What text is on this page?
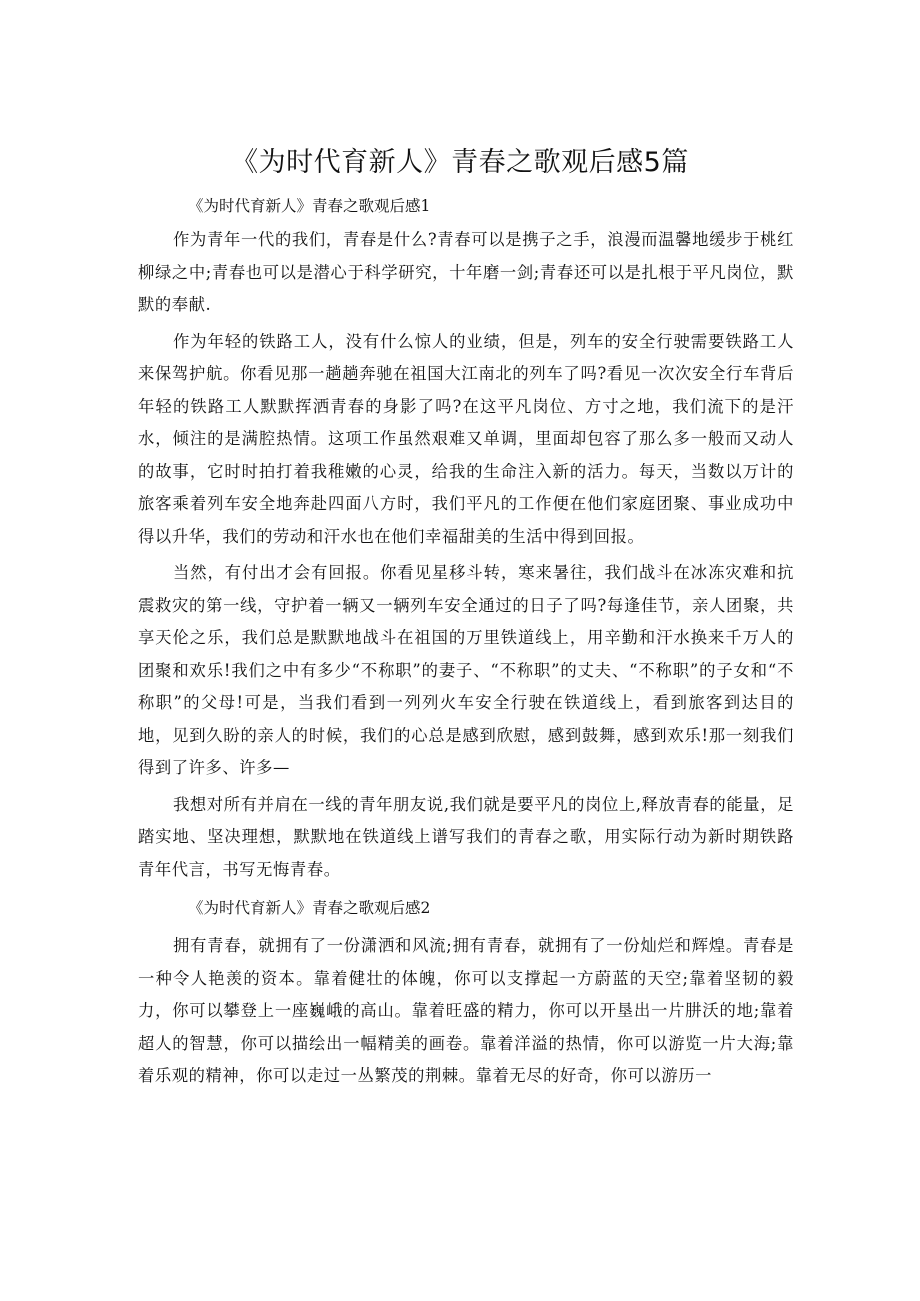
《为时代育新人》青春之歌观后感5篇
《为时代育新人》青春之歌观后感1

作为青年一代的我们，青春是什么?青春可以是携子之手，浪漫而温馨地缓步于桃红柳绿之中;青春也可以是潜心于科学研究，十年磨一剑;青春还可以是扎根于平凡岗位，默默的奉献.

作为年轻的铁路工人，没有什么惊人的业绩，但是，列车的安全行驶需要铁路工人来保驾护航。你看见那一趟趟奔驰在祖国大江南北的列车了吗?看见一次次安全行车背后年轻的铁路工人默默挥洒青春的身影了吗?在这平凡岗位、方寸之地，我们流下的是汗水，倾注的是满腔热情。这项工作虽然艰难又单调，里面却包容了那么多一般而又动人的故事，它时时拍打着我稚嫩的心灵，给我的生命注入新的活力。每天，当数以万计的旅客乘着列车安全地奔赴四面八方时，我们平凡的工作便在他们家庭团聚、事业成功中得以升华，我们的劳动和汗水也在他们幸福甜美的生活中得到回报。

当然，有付出才会有回报。你看见星移斗转，寒来暑往，我们战斗在冰冻灾难和抗震救灾的第一线，守护着一辆又一辆列车安全通过的日子了吗?每逢佳节，亲人团聚，共享天伦之乐，我们总是默默地战斗在祖国的万里铁道线上，用辛勤和汗水换来千万人的团聚和欢乐!我们之中有多少“不称职”的妻子、“不称职”的丈夫、“不称职”的子女和“不称职”的父母!可是，当我们看到一列列火车安全行驶在铁道线上，看到旅客到达目的地，见到久盼的亲人的时候，我们的心总是感到欣慰，感到鼓舞，感到欢乐!那一刻我们得到了许多、许多—

我想对所有并肩在一线的青年朋友说,我们就是要平凡的岗位上,释放青春的能量，足踏实地、坚决理想，默默地在铁道线上谱写我们的青春之歌，用实际行动为新时期铁路青年代言，书写无悔青春。

《为时代育新人》青春之歌观后感2

拥有青春，就拥有了一份潇洒和风流;拥有青春，就拥有了一份灿烂和辉煌。青春是一种令人艳羡的资本。靠着健壮的体魄，你可以支撑起一方蔚蓝的天空;靠着坚韧的毅力，你可以攀登上一座巍峨的高山。靠着旺盛的精力，你可以开垦出一片肼沃的地;靠着超人的智慧，你可以描绘出一幅精美的画卷。靠着洋溢的热情，你可以游览一片大海;靠着乐观的精神，你可以走过一丛繁茂的荆棘。靠着无尽的好奇，你可以游历一
